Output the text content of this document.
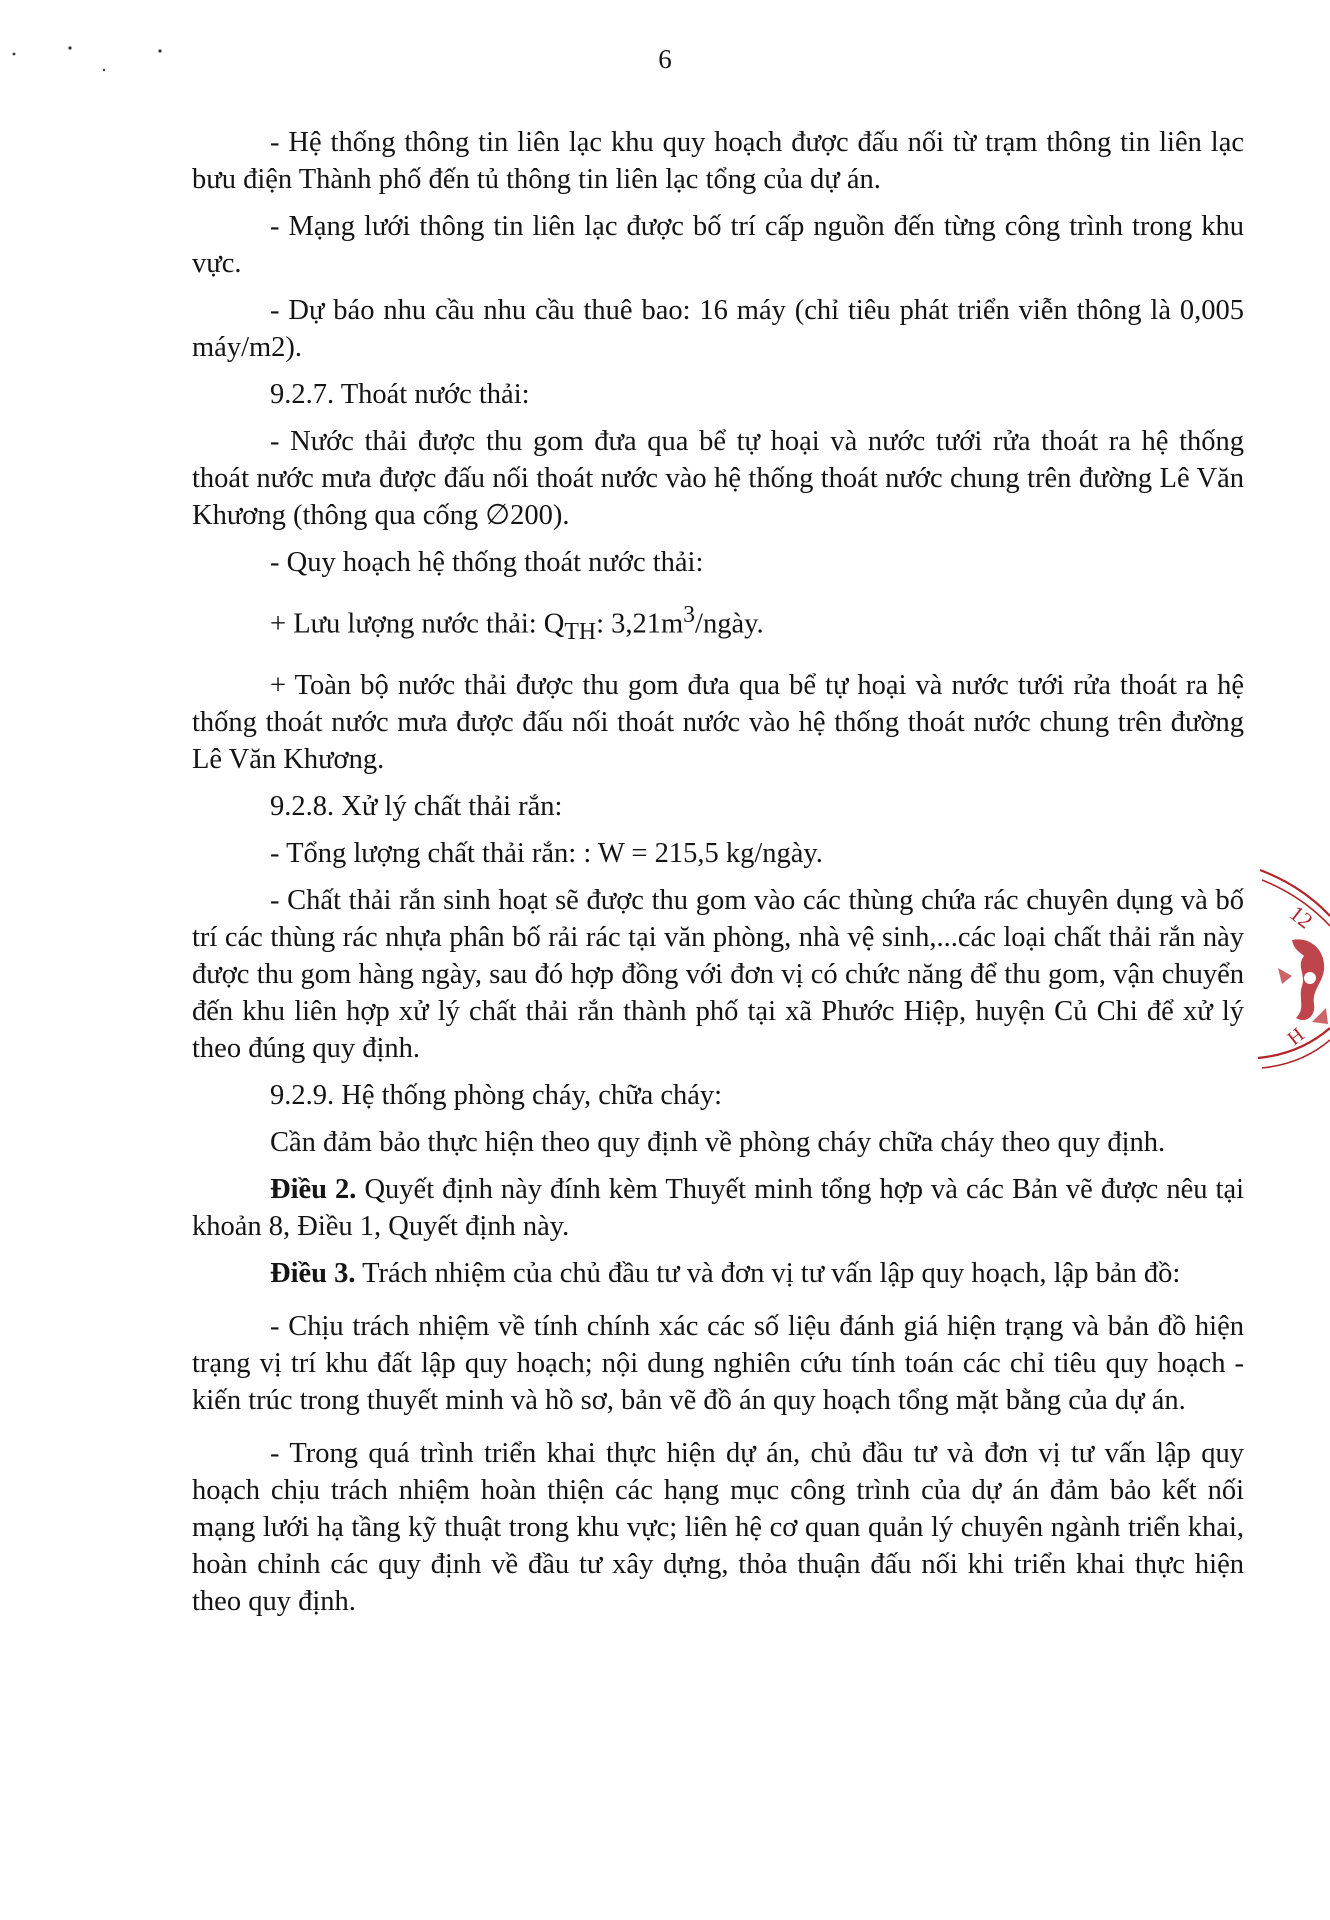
6

- Hệ thống thông tin liên lạc khu quy hoạch được đấu nối từ trạm thông tin liên lạc bưu điện Thành phố đến tủ thông tin liên lạc tổng của dự án.

- Mạng lưới thông tin liên lạc được bố trí cấp nguồn đến từng công trình trong khu vực.

- Dự báo nhu cầu nhu cầu thuê bao: 16 máy (chỉ tiêu phát triển viễn thông là 0,005 máy/m2).

9.2.7. Thoát nước thải:

- Nước thải được thu gom đưa qua bể tự hoại và nước tưới rửa thoát ra hệ thống thoát nước mưa được đấu nối thoát nước vào hệ thống thoát nước chung trên đường Lê Văn Khương (thông qua cống ∅200).

- Quy hoạch hệ thống thoát nước thải:

+ Lưu lượng nước thải: $Q_{TH}$: $3,21m^3$/ngày.

+ Toàn bộ nước thải được thu gom đưa qua bể tự hoại và nước tưới rửa thoát ra hệ thống thoát nước mưa được đấu nối thoát nước vào hệ thống thoát nước chung trên đường Lê Văn Khương.

9.2.8. Xử lý chất thải rắn:

- Tổng lượng chất thải rắn: : W = 215,5 kg/ngày.

- Chất thải rắn sinh hoạt sẽ được thu gom vào các thùng chứa rác chuyên dụng và bố trí các thùng rác nhựa phân bố rải rác tại văn phòng, nhà vệ sinh,...các loại chất thải rắn này được thu gom hàng ngày, sau đó hợp đồng với đơn vị có chức năng để thu gom, vận chuyển đến khu liên hợp xử lý chất thải rắn thành phố tại xã Phước Hiệp, huyện Củ Chi để xử lý theo đúng quy định.

9.2.9. Hệ thống phòng cháy, chữa cháy:

Cần đảm bảo thực hiện theo quy định về phòng cháy chữa cháy theo quy định.

Điều 2. Quyết định này đính kèm Thuyết minh tổng hợp và các Bản vẽ được nêu tại khoản 8, Điều 1, Quyết định này.

Điều 3. Trách nhiệm của chủ đầu tư và đơn vị tư vấn lập quy hoạch, lập bản đồ:

- Chịu trách nhiệm về tính chính xác các số liệu đánh giá hiện trạng và bản đồ hiện trạng vị trí khu đất lập quy hoạch; nội dung nghiên cứu tính toán các chỉ tiêu quy hoạch - kiến trúc trong thuyết minh và hồ sơ, bản vẽ đồ án quy hoạch tổng mặt bằng của dự án.

- Trong quá trình triển khai thực hiện dự án, chủ đầu tư và đơn vị tư vấn lập quy hoạch chịu trách nhiệm hoàn thiện các hạng mục công trình của dự án đảm bảo kết nối mạng lưới hạ tầng kỹ thuật trong khu vực; liên hệ cơ quan quản lý chuyên ngành triển khai, hoàn chỉnh các quy định về đầu tư xây dựng, thỏa thuận đấu nối khi triển khai thực hiện theo quy định.

12
H
